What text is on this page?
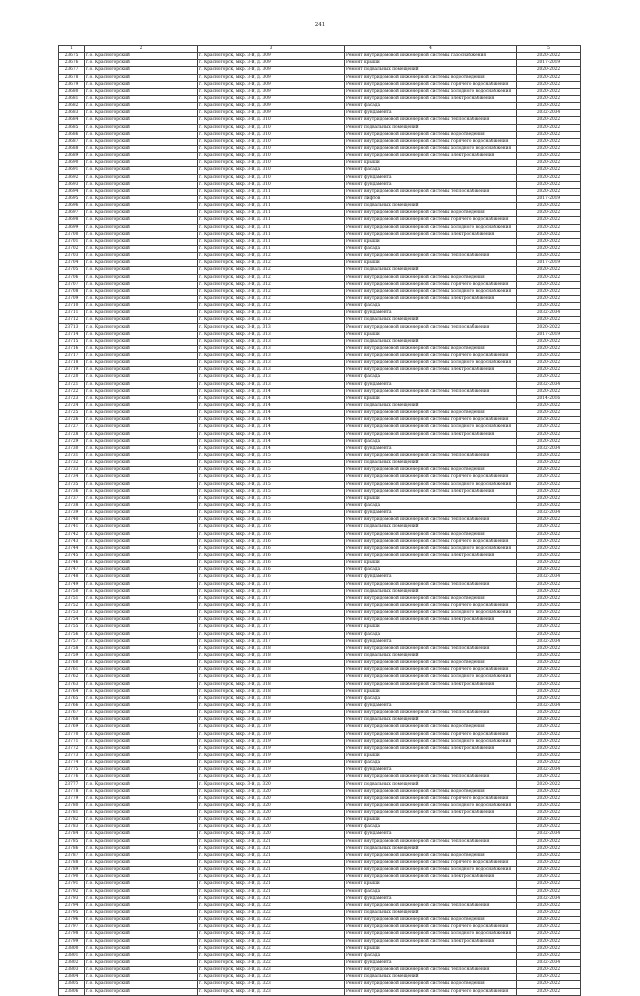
241
1	2	3	4	5
23675	г.о. Красногорский	г. Красногорск, мкр. 3-й, д. 309	Ремонт внутридомовой инженерной системы газоснабжения	2020-2022
23676	г.о. Красногорский	г. Красногорск, мкр. 3-й, д. 309	Ремонт крыши	2017-2019
23677	г.о. Красногорский	г. Красногорск, мкр. 3-й, д. 309	Ремонт подвальных помещений	2020-2022
23678	г.о. Красногорский	г. Красногорск, мкр. 3-й, д. 309	Ремонт внутридомовой инженерной системы водоотведения	2020-2022
23679	г.о. Красногорский	г. Красногорск, мкр. 3-й, д. 309	Ремонт внутридомовой инженерной системы горячего водоснабжения	2020-2022
23680	г.о. Красногорский	г. Красногорск, мкр. 3-й, д. 309	Ремонт внутридомовой инженерной системы холодного водоснабжения	2020-2022
23681	г.о. Красногорский	г. Красногорск, мкр. 3-й, д. 309	Ремонт внутридомовой инженерной системы электроснабжения	2020-2022
23682	г.о. Красногорский	г. Красногорск, мкр. 3-й, д. 309	Ремонт фасада	2020-2022
23683	г.о. Красногорский	г. Красногорск, мкр. 3-й, д. 309	Ремонт фундамента	2032-2034
23684	г.о. Красногорский	г. Красногорск, мкр. 3-й, д. 310	Ремонт внутридомовой инженерной системы теплоснабжения	2020-2022
23685	г.о. Красногорский	г. Красногорск, мкр. 3-й, д. 310	Ремонт подвальных помещений	2020-2022
23686	г.о. Красногорский	г. Красногорск, мкр. 3-й, д. 310	Ремонт внутридомовой инженерной системы водоотведения	2020-2022
23687	г.о. Красногорский	г. Красногорск, мкр. 3-й, д. 310	Ремонт внутридомовой инженерной системы горячего водоснабжения	2020-2022
23688	г.о. Красногорский	г. Красногорск, мкр. 3-й, д. 310	Ремонт внутридомовой инженерной системы холодного водоснабжения	2020-2022
23689	г.о. Красногорский	г. Красногорск, мкр. 3-й, д. 310	Ремонт внутридомовой инженерной системы электроснабжения	2020-2022
23690	г.о. Красногорский	г. Красногорск, мкр. 3-й, д. 310	Ремонт крыши	2020-2022
23691	г.о. Красногорский	г. Красногорск, мкр. 3-й, д. 310	Ремонт фасада	2020-2022
23692	г.о. Красногорский	г. Красногорск, мкр. 3-й, д. 310	Ремонт фундамента	2020-2022
23693	г.о. Красногорский	г. Красногорск, мкр. 3-й, д. 310	Ремонт фундамента	2020-2022
23694	г.о. Красногорский	г. Красногорск, мкр. 3-й, д. 311	Ремонт внутридомовой инженерной системы теплоснабжения	2020-2022
23695	г.о. Красногорский	г. Красногорск, мкр. 3-й, д. 311	Ремонт лифтов	2017-2019
23696	г.о. Красногорский	г. Красногорск, мкр. 3-й, д. 311	Ремонт подвальных помещений	2020-2022
23697	г.о. Красногорский	г. Красногорск, мкр. 3-й, д. 311	Ремонт внутридомовой инженерной системы водоотведения	2020-2022
23698	г.о. Красногорский	г. Красногорск, мкр. 3-й, д. 311	Ремонт внутридомовой инженерной системы горячего водоснабжения	2020-2022
23699	г.о. Красногорский	г. Красногорск, мкр. 3-й, д. 311	Ремонт внутридомовой инженерной системы холодного водоснабжения	2020-2022
23700	г.о. Красногорский	г. Красногорск, мкр. 3-й, д. 311	Ремонт внутридомовой инженерной системы электроснабжения	2020-2022
23701	г.о. Красногорский	г. Красногорск, мкр. 3-й, д. 311	Ремонт крыши	2020-2022
23702	г.о. Красногорский	г. Красногорск, мкр. 3-й, д. 311	Ремонт фасада	2020-2022
23703	г.о. Красногорский	г. Красногорск, мкр. 3-й, д. 312	Ремонт внутридомовой инженерной системы теплоснабжения	2020-2022
23704	г.о. Красногорский	г. Красногорск, мкр. 3-й, д. 312	Ремонт крыши	2017-2019
23705	г.о. Красногорский	г. Красногорск, мкр. 3-й, д. 312	Ремонт подвальных помещений	2020-2022
23706	г.о. Красногорский	г. Красногорск, мкр. 3-й, д. 312	Ремонт внутридомовой инженерной системы водоотведения	2020-2022
23707	г.о. Красногорский	г. Красногорск, мкр. 3-й, д. 312	Ремонт внутридомовой инженерной системы горячего водоснабжения	2020-2022
23708	г.о. Красногорский	г. Красногорск, мкр. 3-й, д. 312	Ремонт внутридомовой инженерной системы холодного водоснабжения	2020-2022
23709	г.о. Красногорский	г. Красногорск, мкр. 3-й, д. 312	Ремонт внутридомовой инженерной системы электроснабжения	2020-2022
23710	г.о. Красногорский	г. Красногорск, мкр. 3-й, д. 312	Ремонт фасада	2020-2022
23711	г.о. Красногорский	г. Красногорск, мкр. 3-й, д. 312	Ремонт фундамента	2032-2034
23712	г.о. Красногорский	г. Красногорск, мкр. 3-й, д. 313	Ремонт подвальных помещений	2020-2022
23713	г.о. Красногорский	г. Красногорск, мкр. 3-й, д. 313	Ремонт внутридомовой инженерной системы теплоснабжения	2020-2022
23714	г.о. Красногорский	г. Красногорск, мкр. 3-й, д. 313	Ремонт крыши	2017-2019
23715	г.о. Красногорский	г. Красногорск, мкр. 3-й, д. 313	Ремонт подвальных помещений	2020-2022
23716	г.о. Красногорский	г. Красногорск, мкр. 3-й, д. 313	Ремонт внутридомовой инженерной системы водоотведения	2020-2022
23717	г.о. Красногорский	г. Красногорск, мкр. 3-й, д. 313	Ремонт внутридомовой инженерной системы горячего водоснабжения	2020-2022
23718	г.о. Красногорский	г. Красногорск, мкр. 3-й, д. 313	Ремонт внутридомовой инженерной системы холодного водоснабжения	2020-2022
23719	г.о. Красногорский	г. Красногорск, мкр. 3-й, д. 313	Ремонт внутридомовой инженерной системы электроснабжения	2020-2022
23720	г.о. Красногорский	г. Красногорск, мкр. 3-й, д. 313	Ремонт фасада	2020-2022
23721	г.о. Красногорский	г. Красногорск, мкр. 3-й, д. 313	Ремонт фундамента	2032-2034
23722	г.о. Красногорский	г. Красногорск, мкр. 3-й, д. 314	Ремонт внутридомовой инженерной системы теплоснабжения	2020-2022
23723	г.о. Красногорский	г. Красногорск, мкр. 3-й, д. 314	Ремонт крыши	2014-2016
23724	г.о. Красногорский	г. Красногорск, мкр. 3-й, д. 314	Ремонт подвальных помещений	2020-2022
23725	г.о. Красногорский	г. Красногорск, мкр. 3-й, д. 314	Ремонт внутридомовой инженерной системы водоотведения	2020-2022
23726	г.о. Красногорский	г. Красногорск, мкр. 3-й, д. 314	Ремонт внутридомовой инженерной системы горячего водоснабжения	2020-2022
23727	г.о. Красногорский	г. Красногорск, мкр. 3-й, д. 314	Ремонт внутридомовой инженерной системы холодного водоснабжения	2020-2022
23728	г.о. Красногорский	г. Красногорск, мкр. 3-й, д. 314	Ремонт внутридомовой инженерной системы электроснабжения	2020-2022
23729	г.о. Красногорский	г. Красногорск, мкр. 3-й, д. 314	Ремонт фасада	2020-2022
23730	г.о. Красногорский	г. Красногорск, мкр. 3-й, д. 314	Ремонт фундамента	2032-2034
23731	г.о. Красногорский	г. Красногорск, мкр. 3-й, д. 315	Ремонт внутридомовой инженерной системы теплоснабжения	2020-2022
23732	г.о. Красногорский	г. Красногорск, мкр. 3-й, д. 315	Ремонт подвальных помещений	2020-2022
23733	г.о. Красногорский	г. Красногорск, мкр. 3-й, д. 315	Ремонт внутридомовой инженерной системы водоотведения	2020-2022
23734	г.о. Красногорский	г. Красногорск, мкр. 3-й, д. 315	Ремонт внутридомовой инженерной системы горячего водоснабжения	2020-2022
23735	г.о. Красногорский	г. Красногорск, мкр. 3-й, д. 315	Ремонт внутридомовой инженерной системы холодного водоснабжения	2020-2022
23736	г.о. Красногорский	г. Красногорск, мкр. 3-й, д. 315	Ремонт внутридомовой инженерной системы электроснабжения	2020-2022
23737	г.о. Красногорский	г. Красногорск, мкр. 3-й, д. 315	Ремонт крыши	2020-2022
23738	г.о. Красногорский	г. Красногорск, мкр. 3-й, д. 315	Ремонт фасада	2020-2022
23739	г.о. Красногорский	г. Красногорск, мкр. 3-й, д. 315	Ремонт фундамента	2032-2034
23740	г.о. Красногорский	г. Красногорск, мкр. 3-й, д. 316	Ремонт внутридомовой инженерной системы теплоснабжения	2020-2022
23741	г.о. Красногорский	г. Красногорск, мкр. 3-й, д. 316	Ремонт подвальных помещений	2020-2022
23742	г.о. Красногорский	г. Красногорск, мкр. 3-й, д. 316	Ремонт внутридомовой инженерной системы водоотведения	2020-2022
23743	г.о. Красногорский	г. Красногорск, мкр. 3-й, д. 316	Ремонт внутридомовой инженерной системы горячего водоснабжения	2020-2022
23744	г.о. Красногорский	г. Красногорск, мкр. 3-й, д. 316	Ремонт внутридомовой инженерной системы холодного водоснабжения	2020-2022
23745	г.о. Красногорский	г. Красногорск, мкр. 3-й, д. 316	Ремонт внутридомовой инженерной системы электроснабжения	2020-2022
23746	г.о. Красногорский	г. Красногорск, мкр. 3-й, д. 316	Ремонт крыши	2020-2022
23747	г.о. Красногорский	г. Красногорск, мкр. 3-й, д. 316	Ремонт фасада	2020-2022
23748	г.о. Красногорский	г. Красногорск, мкр. 3-й, д. 316	Ремонт фундамента	2032-2034
23749	г.о. Красногорский	г. Красногорск, мкр. 3-й, д. 317	Ремонт внутридомовой инженерной системы теплоснабжения	2020-2022
23750	г.о. Красногорский	г. Красногорск, мкр. 3-й, д. 317	Ремонт подвальных помещений	2020-2022
23751	г.о. Красногорский	г. Красногорск, мкр. 3-й, д. 317	Ремонт внутридомовой инженерной системы водоотведения	2020-2022
23752	г.о. Красногорский	г. Красногорск, мкр. 3-й, д. 317	Ремонт внутридомовой инженерной системы горячего водоснабжения	2020-2022
23753	г.о. Красногорский	г. Красногорск, мкр. 3-й, д. 317	Ремонт внутридомовой инженерной системы холодного водоснабжения	2020-2022
23754	г.о. Красногорский	г. Красногорск, мкр. 3-й, д. 317	Ремонт внутридомовой инженерной системы электроснабжения	2020-2022
23755	г.о. Красногорский	г. Красногорск, мкр. 3-й, д. 317	Ремонт крыши	2020-2022
23756	г.о. Красногорский	г. Красногорск, мкр. 3-й, д. 317	Ремонт фасада	2020-2022
23757	г.о. Красногорский	г. Красногорск, мкр. 3-й, д. 317	Ремонт фундамента	2032-2034
23758	г.о. Красногорский	г. Красногорск, мкр. 3-й, д. 318	Ремонт внутридомовой инженерной системы теплоснабжения	2020-2022
23759	г.о. Красногорский	г. Красногорск, мкр. 3-й, д. 318	Ремонт подвальных помещений	2020-2022
23760	г.о. Красногорский	г. Красногорск, мкр. 3-й, д. 318	Ремонт внутридомовой инженерной системы водоотведения	2020-2022
23761	г.о. Красногорский	г. Красногорск, мкр. 3-й, д. 318	Ремонт внутридомовой инженерной системы горячего водоснабжения	2020-2022
23762	г.о. Красногорский	г. Красногорск, мкр. 3-й, д. 318	Ремонт внутридомовой инженерной системы холодного водоснабжения	2020-2022
23763	г.о. Красногорский	г. Красногорск, мкр. 3-й, д. 318	Ремонт внутридомовой инженерной системы электроснабжения	2020-2022
23764	г.о. Красногорский	г. Красногорск, мкр. 3-й, д. 318	Ремонт крыши	2020-2022
23765	г.о. Красногорский	г. Красногорск, мкр. 3-й, д. 318	Ремонт фасада	2020-2022
23766	г.о. Красногорский	г. Красногорск, мкр. 3-й, д. 318	Ремонт фундамента	2032-2034
23767	г.о. Красногорский	г. Красногорск, мкр. 3-й, д. 319	Ремонт внутридомовой инженерной системы теплоснабжения	2020-2022
23768	г.о. Красногорский	г. Красногорск, мкр. 3-й, д. 319	Ремонт подвальных помещений	2020-2022
23769	г.о. Красногорский	г. Красногорск, мкр. 3-й, д. 319	Ремонт внутридомовой инженерной системы водоотведения	2020-2022
23770	г.о. Красногорский	г. Красногорск, мкр. 3-й, д. 319	Ремонт внутридомовой инженерной системы горячего водоснабжения	2020-2022
23771	г.о. Красногорский	г. Красногорск, мкр. 3-й, д. 319	Ремонт внутридомовой инженерной системы холодного водоснабжения	2020-2022
23772	г.о. Красногорский	г. Красногорск, мкр. 3-й, д. 319	Ремонт внутридомовой инженерной системы электроснабжения	2020-2022
23773	г.о. Красногорский	г. Красногорск, мкр. 3-й, д. 319	Ремонт крыши	2020-2022
23774	г.о. Красногорский	г. Красногорск, мкр. 3-й, д. 319	Ремонт фасада	2020-2022
23775	г.о. Красногорский	г. Красногорск, мкр. 3-й, д. 319	Ремонт фундамента	2032-2034
23776	г.о. Красногорский	г. Красногорск, мкр. 3-й, д. 320	Ремонт внутридомовой инженерной системы теплоснабжения	2020-2022
23777	г.о. Красногорский	г. Красногорск, мкр. 3-й, д. 320	Ремонт подвальных помещений	2020-2022
23778	г.о. Красногорский	г. Красногорск, мкр. 3-й, д. 320	Ремонт внутридомовой инженерной системы водоотведения	2020-2022
23779	г.о. Красногорский	г. Красногорск, мкр. 3-й, д. 320	Ремонт внутридомовой инженерной системы горячего водоснабжения	2020-2022
23780	г.о. Красногорский	г. Красногорск, мкр. 3-й, д. 320	Ремонт внутридомовой инженерной системы холодного водоснабжения	2020-2022
23781	г.о. Красногорский	г. Красногорск, мкр. 3-й, д. 320	Ремонт внутридомовой инженерной системы электроснабжения	2020-2022
23782	г.о. Красногорский	г. Красногорск, мкр. 3-й, д. 320	Ремонт крыши	2020-2022
23783	г.о. Красногорский	г. Красногорск, мкр. 3-й, д. 320	Ремонт фасада	2020-2022
23784	г.о. Красногорский	г. Красногорск, мкр. 3-й, д. 320	Ремонт фундамента	2032-2034
23785	г.о. Красногорский	г. Красногорск, мкр. 3-й, д. 321	Ремонт внутридомовой инженерной системы теплоснабжения	2020-2022
23786	г.о. Красногорский	г. Красногорск, мкр. 3-й, д. 321	Ремонт подвальных помещений	2020-2022
23787	г.о. Красногорский	г. Красногорск, мкр. 3-й, д. 321	Ремонт внутридомовой инженерной системы водоотведения	2020-2022
23788	г.о. Красногорский	г. Красногорск, мкр. 3-й, д. 321	Ремонт внутридомовой инженерной системы горячего водоснабжения	2020-2022
23789	г.о. Красногорский	г. Красногорск, мкр. 3-й, д. 321	Ремонт внутридомовой инженерной системы холодного водоснабжения	2020-2022
23790	г.о. Красногорский	г. Красногорск, мкр. 3-й, д. 321	Ремонт внутридомовой инженерной системы электроснабжения	2020-2022
23791	г.о. Красногорский	г. Красногорск, мкр. 3-й, д. 321	Ремонт крыши	2020-2022
23792	г.о. Красногорский	г. Красногорск, мкр. 3-й, д. 321	Ремонт фасада	2020-2022
23793	г.о. Красногорский	г. Красногорск, мкр. 3-й, д. 321	Ремонт фундамента	2032-2034
23794	г.о. Красногорский	г. Красногорск, мкр. 3-й, д. 322	Ремонт внутридомовой инженерной системы теплоснабжения	2020-2022
23795	г.о. Красногорский	г. Красногорск, мкр. 3-й, д. 322	Ремонт подвальных помещений	2020-2022
23796	г.о. Красногорский	г. Красногорск, мкр. 3-й, д. 322	Ремонт внутридомовой инженерной системы водоотведения	2020-2022
23797	г.о. Красногорский	г. Красногорск, мкр. 3-й, д. 322	Ремонт внутридомовой инженерной системы горячего водоснабжения	2020-2022
23798	г.о. Красногорский	г. Красногорск, мкр. 3-й, д. 322	Ремонт внутридомовой инженерной системы холодного водоснабжения	2020-2022
23799	г.о. Красногорский	г. Красногорск, мкр. 3-й, д. 322	Ремонт внутридомовой инженерной системы электроснабжения	2020-2022
23800	г.о. Красногорский	г. Красногорск, мкр. 3-й, д. 322	Ремонт крыши	2020-2022
23801	г.о. Красногорский	г. Красногорск, мкр. 3-й, д. 322	Ремонт фасада	2020-2022
23802	г.о. Красногорский	г. Красногорск, мкр. 3-й, д. 322	Ремонт фундамента	2032-2034
23803	г.о. Красногорский	г. Красногорск, мкр. 3-й, д. 323	Ремонт внутридомовой инженерной системы теплоснабжения	2020-2022
23804	г.о. Красногорский	г. Красногорск, мкр. 3-й, д. 323	Ремонт подвальных помещений	2020-2022
23805	г.о. Красногорский	г. Красногорск, мкр. 3-й, д. 323	Ремонт внутридомовой инженерной системы водоотведения	2020-2022
23806	г.о. Красногорский	г. Красногорск, мкр. 3-й, д. 323	Ремонт внутридомовой инженерной системы горячего водоснабжения	2020-2022
